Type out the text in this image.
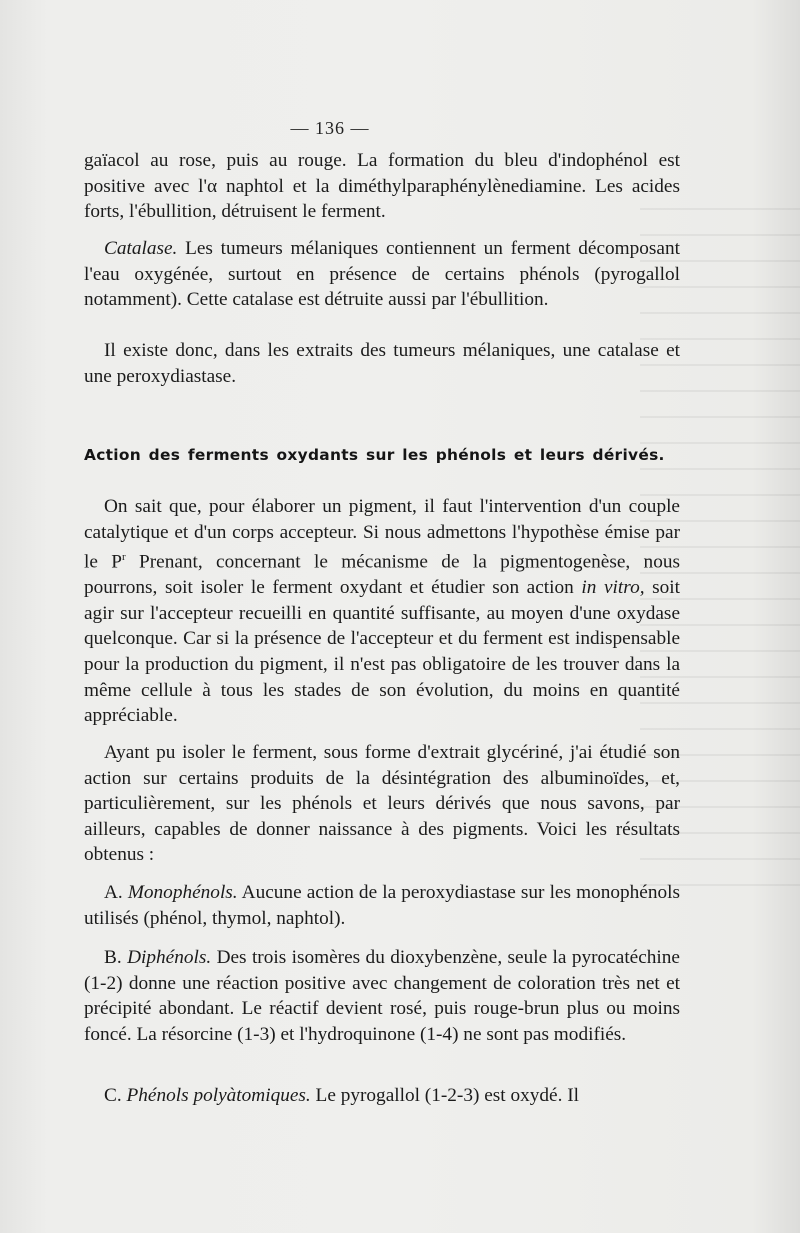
— 136 —

gaïacol au rose, puis au rouge. La formation du bleu d'indophénol est positive avec l'α naphtol et la diméthylparaphénylènediamine. Les acides forts, l'ébullition, détruisent le ferment.

Catalase. Les tumeurs mélaniques contiennent un ferment décomposant l'eau oxygénée, surtout en présence de certains phénols (pyrogallol notamment). Cette catalase est détruite aussi par l'ébullition.

Il existe donc, dans les extraits des tumeurs mélaniques, une catalase et une peroxydiastase.

Action des ferments oxydants sur les phénols et leurs dérivés.

On sait que, pour élaborer un pigment, il faut l'intervention d'un couple catalytique et d'un corps accepteur. Si nous admettons l'hypothèse émise par le $P^r$ Prenant, concernant le mécanisme de la pigmentogenèse, nous pourrons, soit isoler le ferment oxydant et étudier son action in vitro, soit agir sur l'accepteur recueilli en quantité suffisante, au moyen d'une oxydase quelconque. Car si la présence de l'accepteur et du ferment est indispensable pour la production du pigment, il n'est pas obligatoire de les trouver dans la même cellule à tous les stades de son évolution, du moins en quantité appréciable.

Ayant pu isoler le ferment, sous forme d'extrait glycériné, j'ai étudié son action sur certains produits de la désintégration des albuminoïdes, et, particulièrement, sur les phénols et leurs dérivés que nous savons, par ailleurs, capables de donner naissance à des pigments. Voici les résultats obtenus :

A. Monophénols. Aucune action de la peroxydiastase sur les monophénols utilisés (phénol, thymol, naphtol).

B. Diphénols. Des trois isomères du dioxybenzène, seule la pyrocatéchine (1-2) donne une réaction positive avec changement de coloration très net et précipité abondant. Le réactif devient rosé, puis rouge-brun plus ou moins foncé. La résorcine (1-3) et l'hydroquinone (1-4) ne sont pas modifiés.

C. Phénols polyàtomiques. Le pyrogallol (1-2-3) est oxydé. Il
